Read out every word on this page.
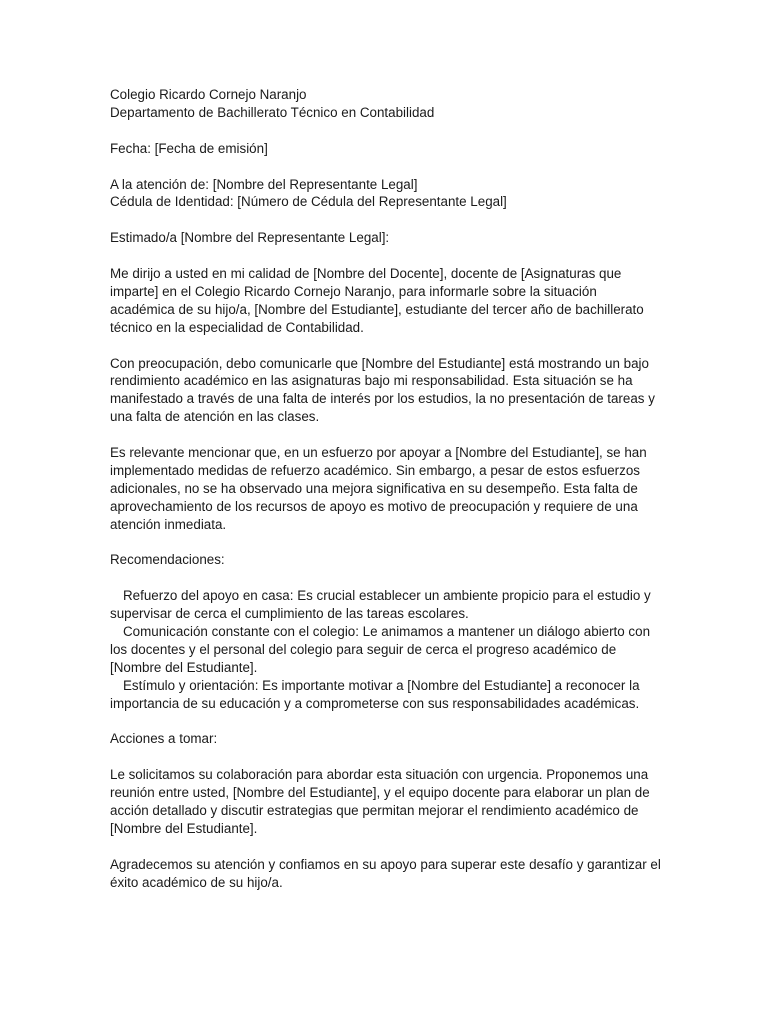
Colegio Ricardo Cornejo Naranjo

Departamento de Bachillerato Técnico en Contabilidad

Fecha: [Fecha de emisión]

A la atención de: [Nombre del Representante Legal]

Cédula de Identidad: [Número de Cédula del Representante Legal]

Estimado/a [Nombre del Representante Legal]:

Me dirijo a usted en mi calidad de [Nombre del Docente], docente de [Asignaturas que imparte] en el Colegio Ricardo Cornejo Naranjo, para informarle sobre la situación académica de su hijo/a, [Nombre del Estudiante], estudiante del tercer año de bachillerato técnico en la especialidad de Contabilidad.

Con preocupación, debo comunicarle que [Nombre del Estudiante] está mostrando un bajo rendimiento académico en las asignaturas bajo mi responsabilidad. Esta situación se ha manifestado a través de una falta de interés por los estudios, la no presentación de tareas y una falta de atención en las clases.

Es relevante mencionar que, en un esfuerzo por apoyar a [Nombre del Estudiante], se han implementado medidas de refuerzo académico. Sin embargo, a pesar de estos esfuerzos adicionales, no se ha observado una mejora significativa en su desempeño. Esta falta de aprovechamiento de los recursos de apoyo es motivo de preocupación y requiere de una atención inmediata.

Recomendaciones:

Refuerzo del apoyo en casa: Es crucial establecer un ambiente propicio para el estudio y supervisar de cerca el cumplimiento de las tareas escolares.

Comunicación constante con el colegio: Le animamos a mantener un diálogo abierto con los docentes y el personal del colegio para seguir de cerca el progreso académico de [Nombre del Estudiante].

Estímulo y orientación: Es importante motivar a [Nombre del Estudiante] a reconocer la importancia de su educación y a comprometerse con sus responsabilidades académicas.

Acciones a tomar:

Le solicitamos su colaboración para abordar esta situación con urgencia. Proponemos una reunión entre usted, [Nombre del Estudiante], y el equipo docente para elaborar un plan de acción detallado y discutir estrategias que permitan mejorar el rendimiento académico de [Nombre del Estudiante].

Agradecemos su atención y confiamos en su apoyo para superar este desafío y garantizar el éxito académico de su hijo/a.
